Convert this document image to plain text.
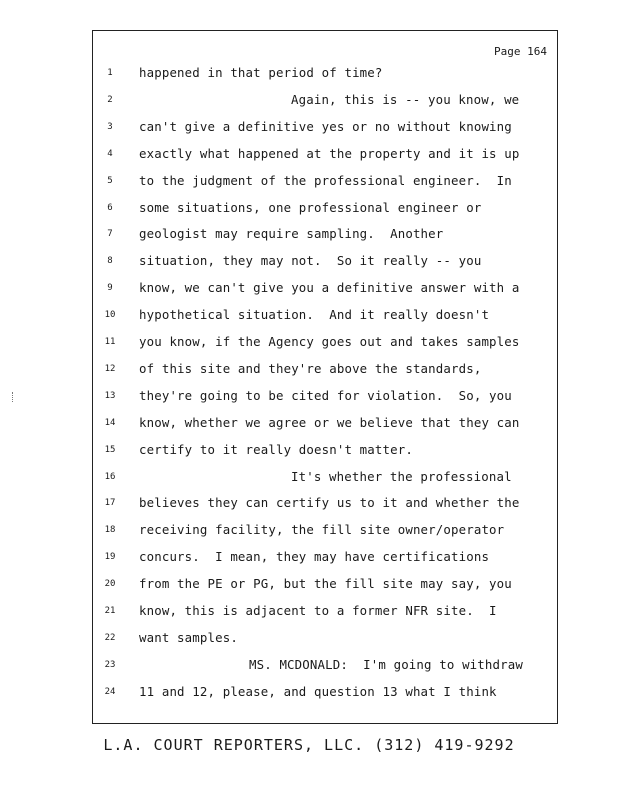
Page 164
1	happened in that period of time?
2	Again, this is -- you know, we
3	can't give a definitive yes or no without knowing
4	exactly what happened at the property and it is up
5	to the judgment of the professional engineer.  In
6	some situations, one professional engineer or
7	geologist may require sampling.  Another
8	situation, they may not.  So it really -- you
9	know, we can't give you a definitive answer with a
10 hypothetical situation.  And it really doesn't
11 you know, if the Agency goes out and takes samples
12 of this site and they're above the standards,
13 they're going to be cited for violation.  So, you
14 know, whether we agree or we believe that they can
15 certify to it really doesn't matter.
16	It's whether the professional
17 believes they can certify us to it and whether the
18 receiving facility, the fill site owner/operator
19 concurs.  I mean, they may have certifications
20 from the PE or PG, but the fill site may say, you
21 know, this is adjacent to a former NFR site.  I
22 want samples.
23	MS. MCDONALD:  I'm going to withdraw
24 11 and 12, please, and question 13 what I think
L.A. COURT REPORTERS, LLC. (312) 419-9292
